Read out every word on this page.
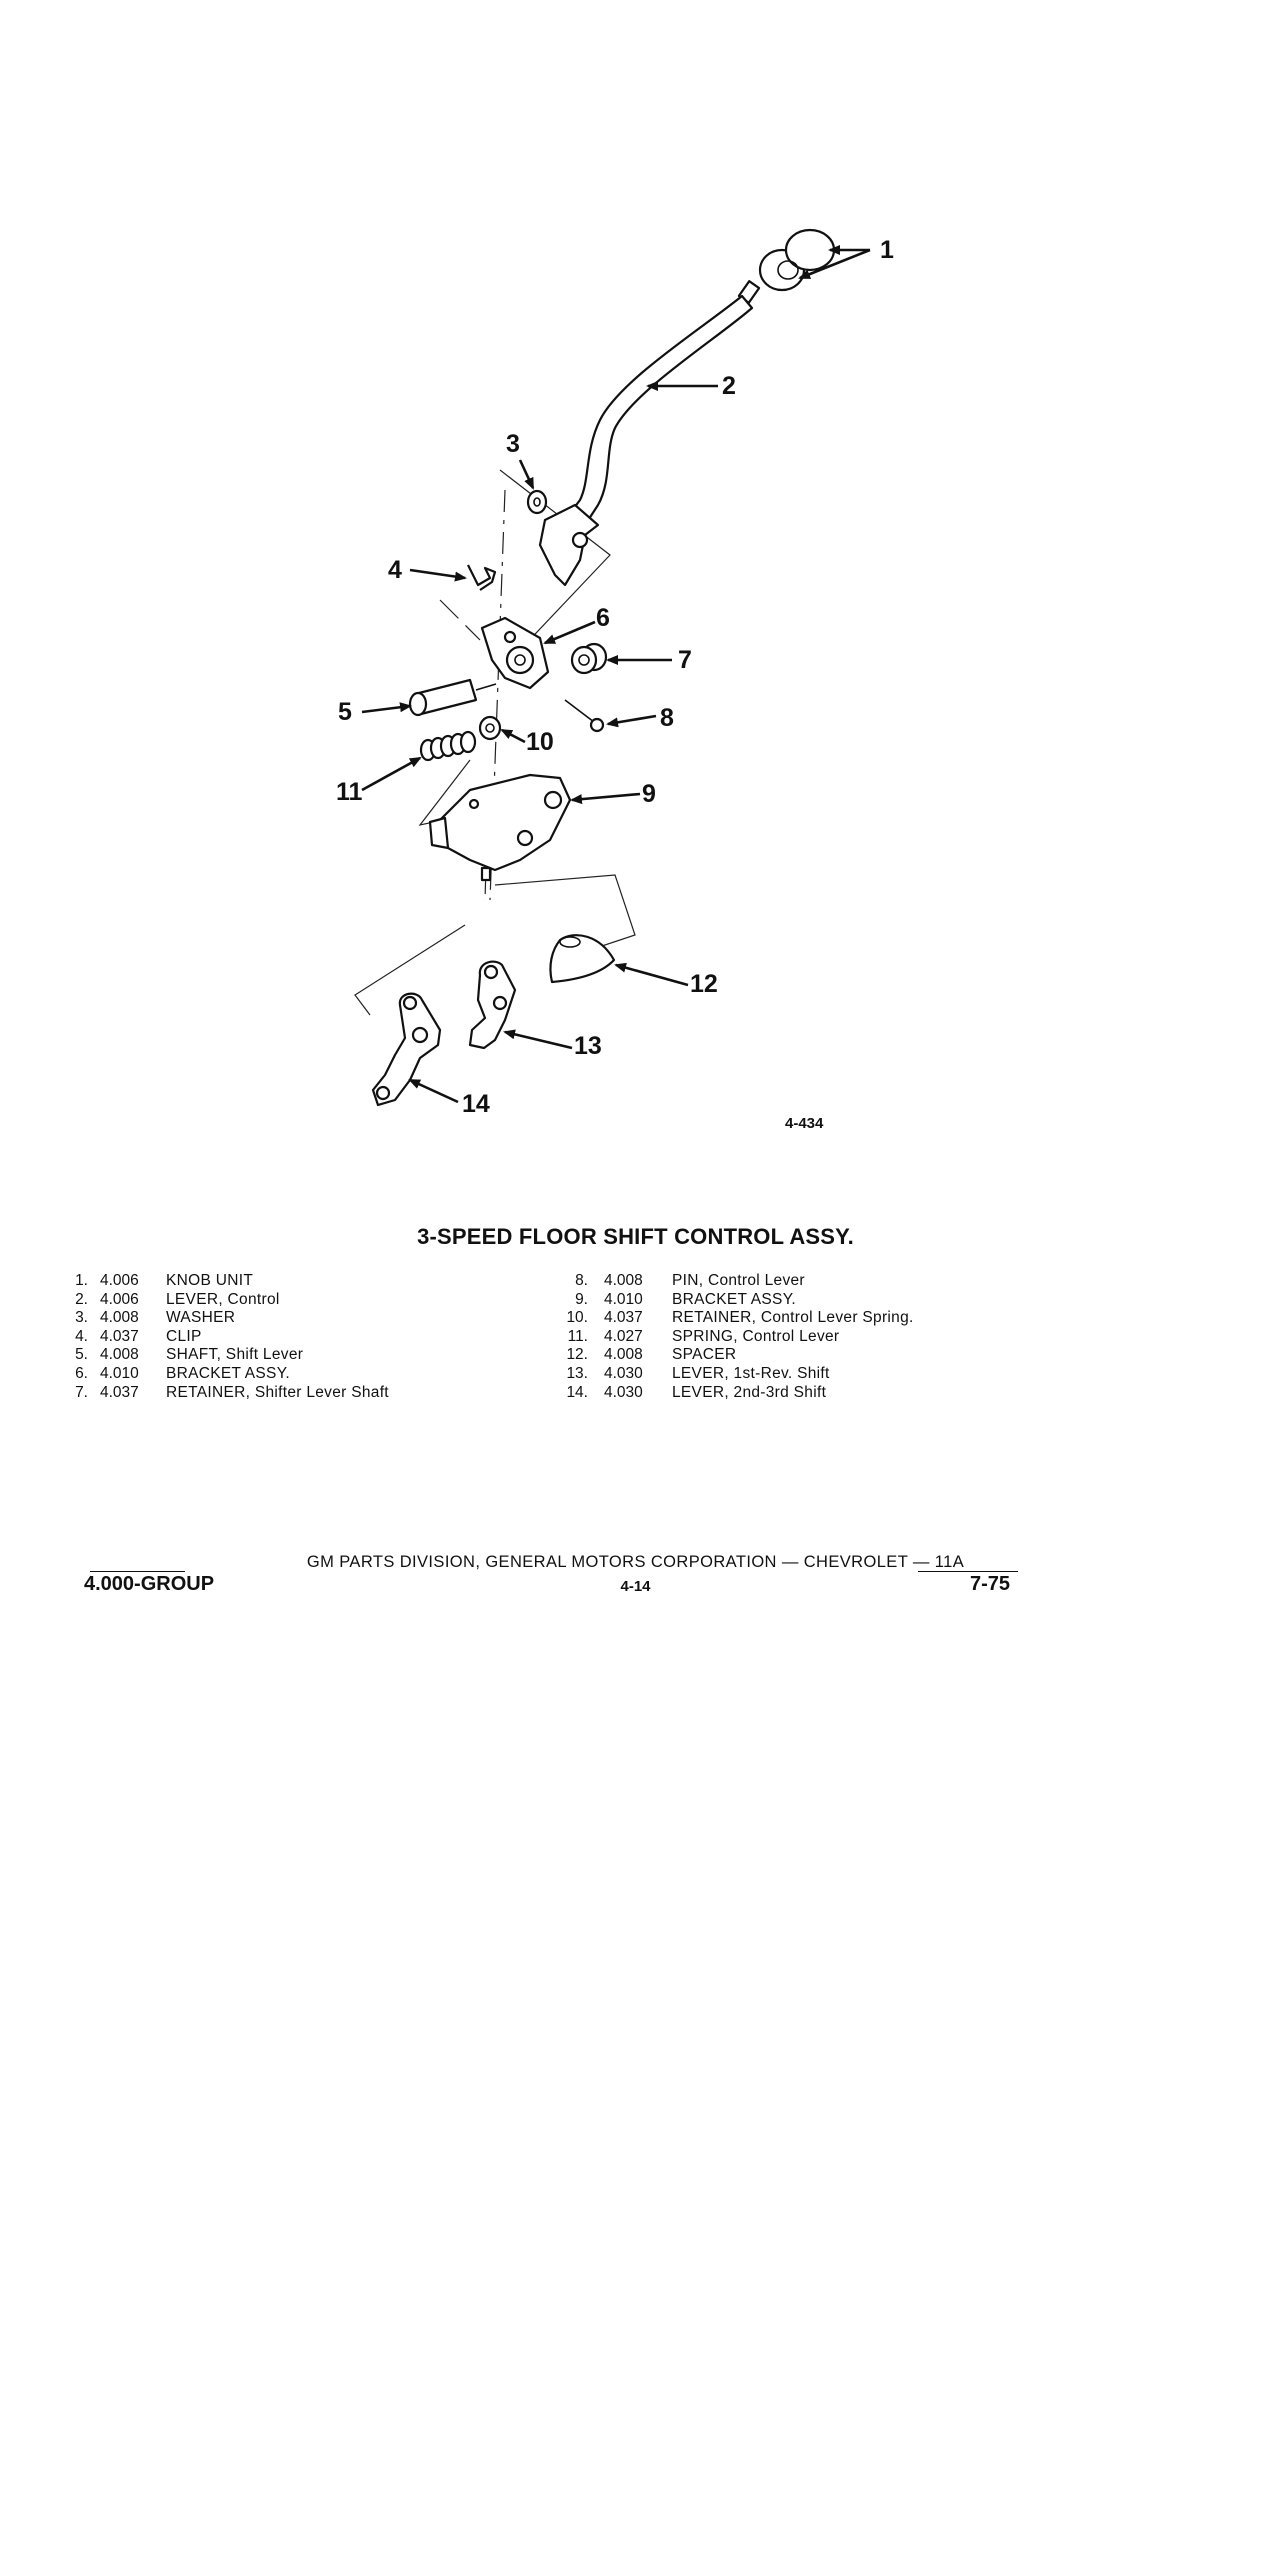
1
2
3
4
5
6
7
8
9
10
11
12
13
14
4-434
3-SPEED FLOOR SHIFT CONTROL ASSY.
1. 4.006 KNOB UNIT
2. 4.006 LEVER, Control
3. 4.008 WASHER
4. 4.037 CLIP
5. 4.008 SHAFT, Shift Lever
6. 4.010 BRACKET ASSY.
7. 4.037 RETAINER, Shifter Lever Shaft
8. 4.008 PIN, Control Lever
9. 4.010 BRACKET ASSY.
10. 4.037 RETAINER, Control Lever Spring.
11. 4.027 SPRING, Control Lever
12. 4.008 SPACER
13. 4.030 LEVER, 1st-Rev. Shift
14. 4.030 LEVER, 2nd-3rd Shift
GM PARTS DIVISION, GENERAL MOTORS CORPORATION — CHEVROLET — 11A
4.000-GROUP	4-14	7-75
